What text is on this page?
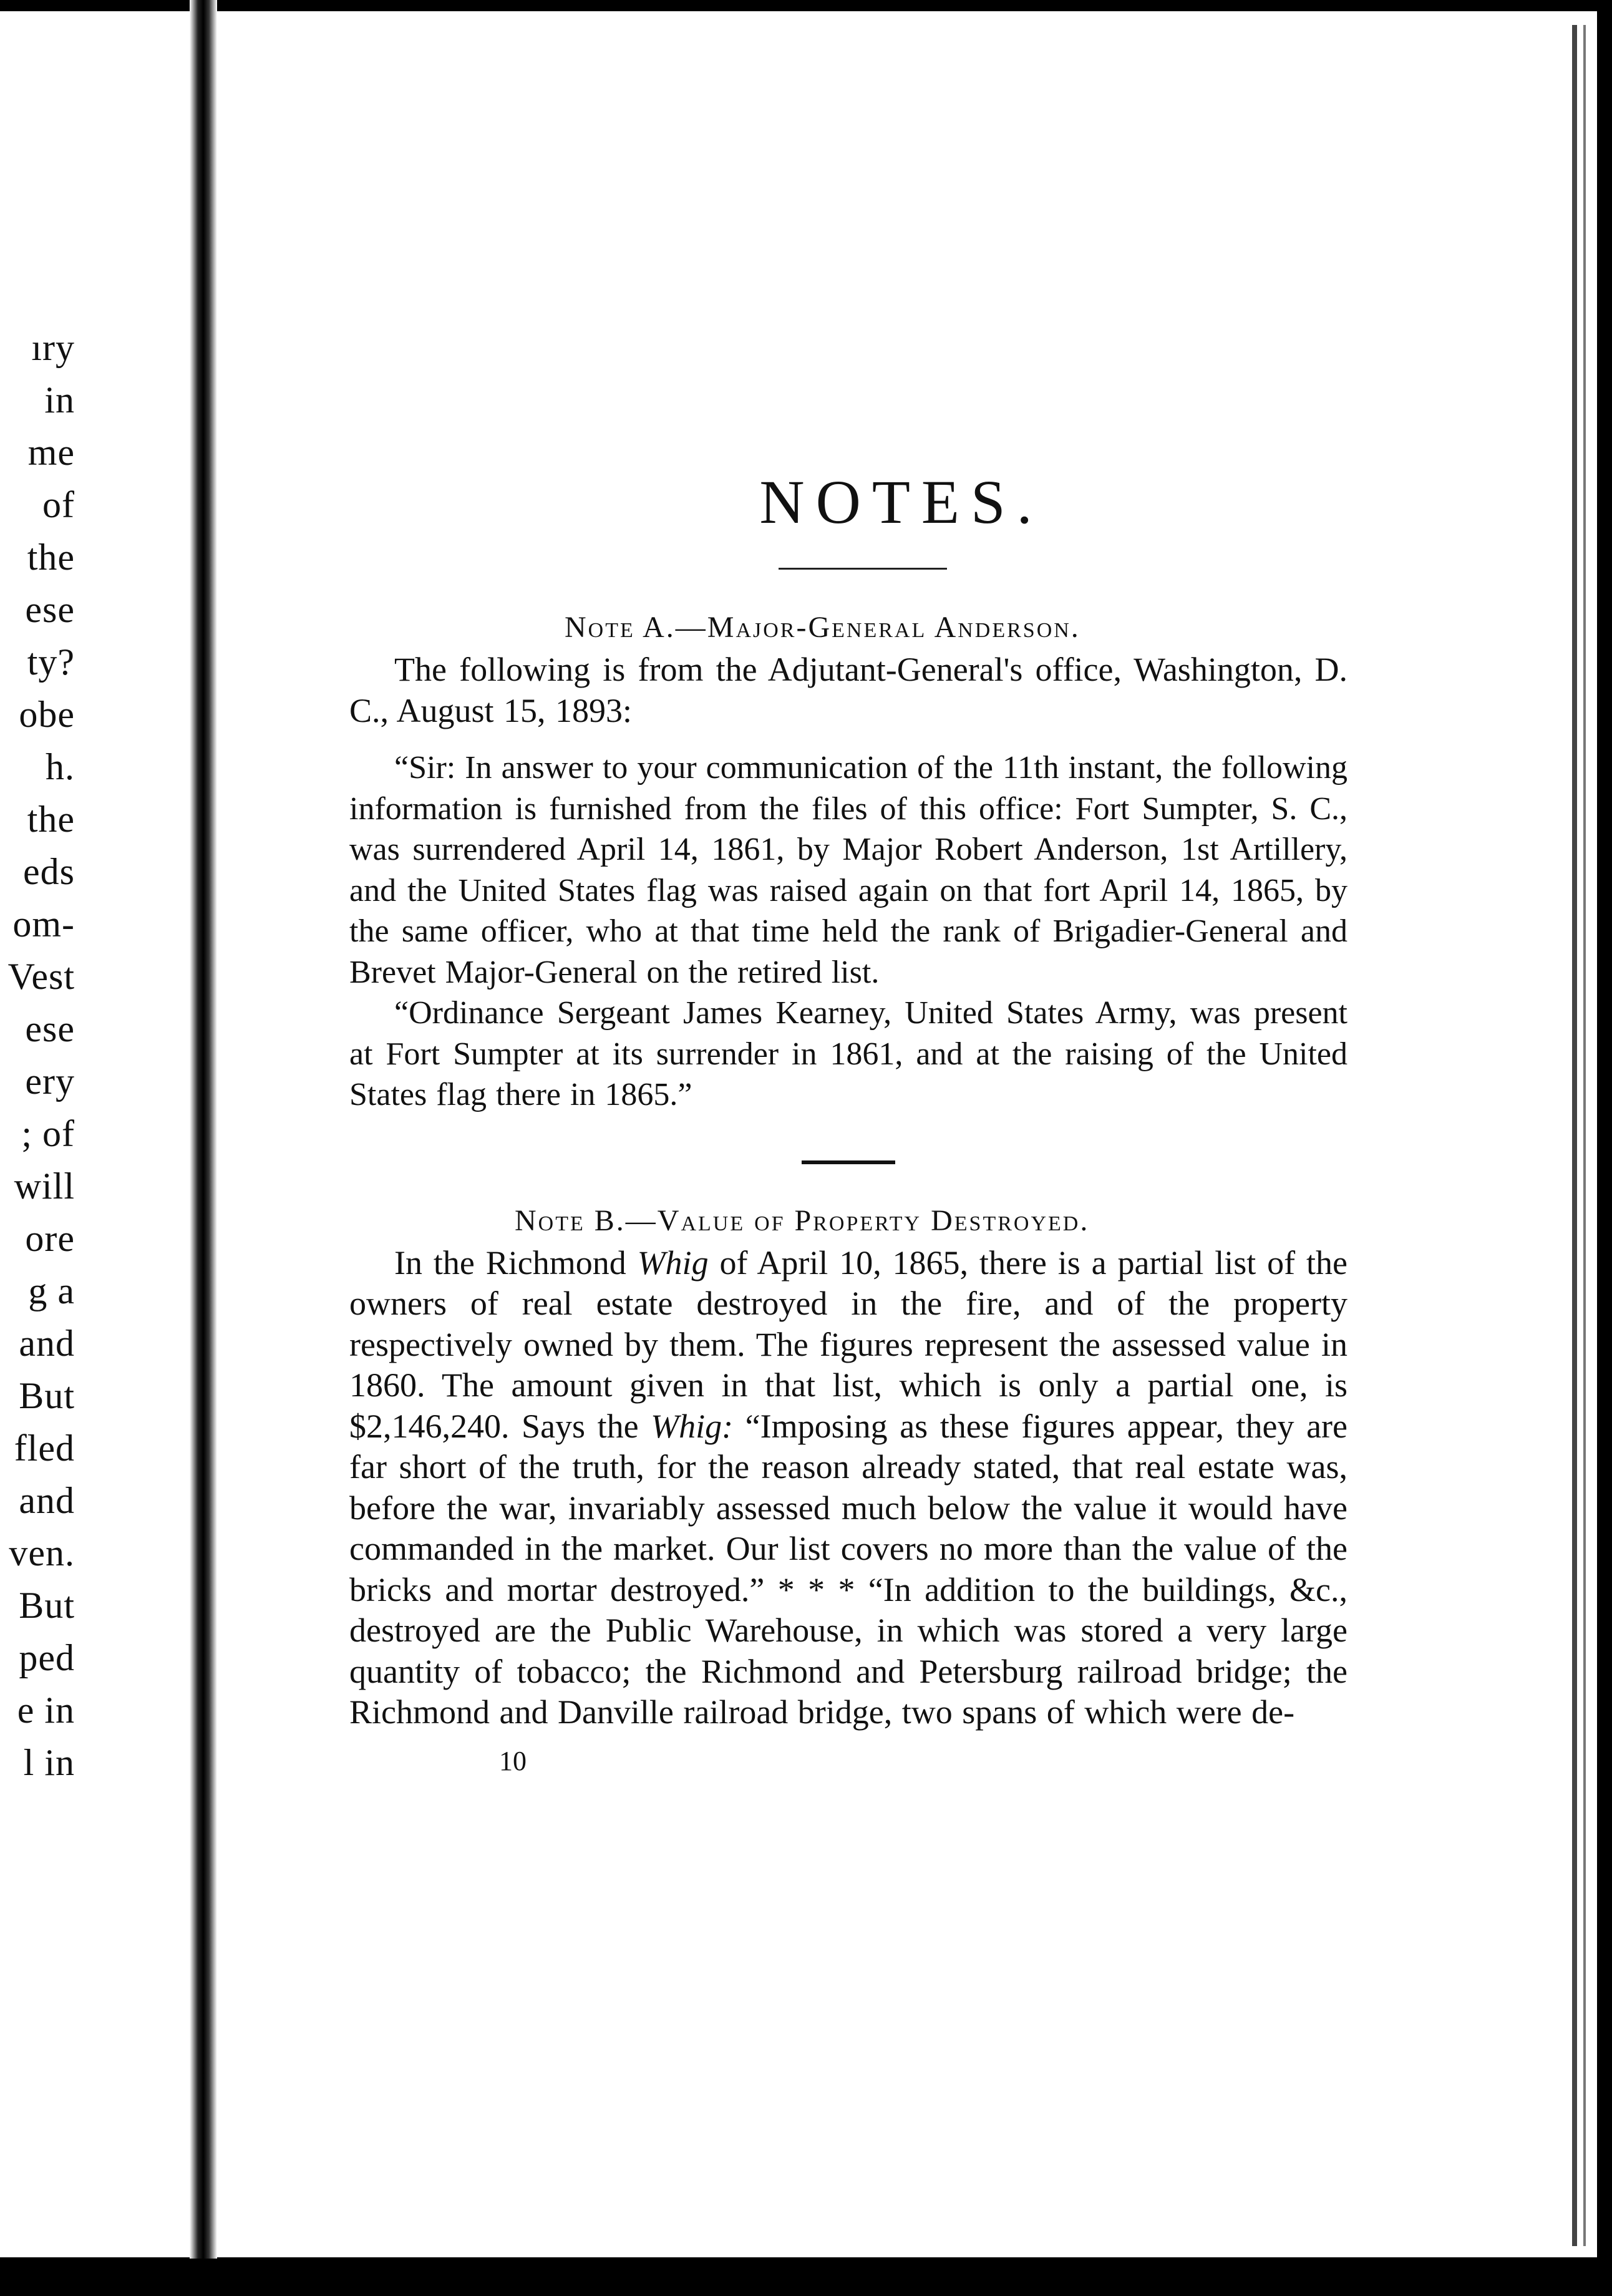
ıry
in
me
of
the
ese
ty?
obe
h.
the
eds
om-
Vest
ese
ery
; of
will
ore
g a
and
But
fled
and
ven.
But
ped
e in
l in
NOTES.
Note A.—Major-General Anderson.

The following is from the Adjutant-General's office, Washington, D. C., August 15, 1893:

“Sir: In answer to your communication of the 11th instant, the following information is furnished from the files of this office: Fort Sumpter, S. C., was surrendered April 14, 1861, by Major Robert Anderson, 1st Artillery, and the United States flag was raised again on that fort April 14, 1865, by the same officer, who at that time held the rank of Brigadier-General and Brevet Major-General on the retired list.

“Ordinance Sergeant James Kearney, United States Army, was present at Fort Sumpter at its surrender in 1861, and at the raising of the United States flag there in 1865.”

Note B.—Value of Property Destroyed.

In the Richmond Whig of April 10, 1865, there is a partial list of the owners of real estate destroyed in the fire, and of the property respectively owned by them. The figures represent the assessed value in 1860. The amount given in that list, which is only a partial one, is $2,146,240. Says the Whig: “Imposing as these figures appear, they are far short of the truth, for the reason already stated, that real estate was, before the war, invariably assessed much below the value it would have commanded in the market. Our list covers no more than the value of the bricks and mortar destroyed.” * * * “In addition to the buildings, &c., destroyed are the Public Warehouse, in which was stored a very large quantity of tobacco; the Richmond and Petersburg railroad bridge; the Richmond and Danville railroad bridge, two spans of which were de-

10
